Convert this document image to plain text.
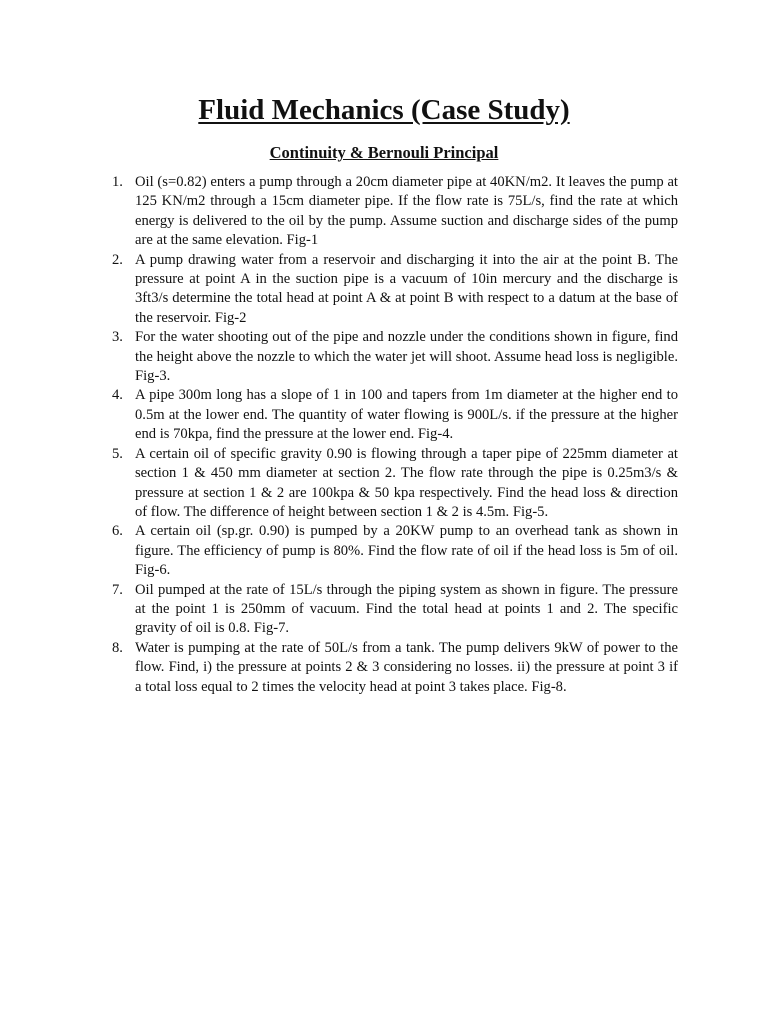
Fluid Mechanics (Case Study)
Continuity & Bernouli Principal
1. Oil (s=0.82) enters a pump through a 20cm diameter pipe at 40KN/m2. It leaves the pump at 125 KN/m2 through a 15cm diameter pipe. If the flow rate is 75L/s, find the rate at which energy is delivered to the oil by the pump. Assume suction and discharge sides of the pump are at the same elevation. Fig-1
2. A pump drawing water from a reservoir and discharging it into the air at the point B. The pressure at point A in the suction pipe is a vacuum of 10in mercury and the discharge is 3ft3/s determine the total head at point A & at point B with respect to a datum at the base of the reservoir. Fig-2
3. For the water shooting out of the pipe and nozzle under the conditions shown in figure, find the height above the nozzle to which the water jet will shoot. Assume head loss is negligible. Fig-3.
4. A pipe 300m long has a slope of 1 in 100 and tapers from 1m diameter at the higher end to 0.5m at the lower end. The quantity of water flowing is 900L/s. if the pressure at the higher end is 70kpa, find the pressure at the lower end. Fig-4.
5. A certain oil of specific gravity 0.90 is flowing through a taper pipe of 225mm diameter at section 1 & 450 mm diameter at section 2. The flow rate through the pipe is 0.25m3/s & pressure at section 1 & 2 are 100kpa & 50 kpa respectively. Find the head loss & direction of flow. The difference of height between section 1 & 2 is 4.5m. Fig-5.
6. A certain oil (sp.gr. 0.90) is pumped by a 20KW pump to an overhead tank as shown in figure. The efficiency of pump is 80%. Find the flow rate of oil if the head loss is 5m of oil. Fig-6.
7. Oil pumped at the rate of 15L/s through the piping system as shown in figure. The pressure at the point 1 is 250mm of vacuum. Find the total head at points 1 and 2. The specific gravity of oil is 0.8. Fig-7.
8. Water is pumping at the rate of 50L/s from a tank. The pump delivers 9kW of power to the flow. Find, i) the pressure at points 2 & 3 considering no losses. ii) the pressure at point 3 if a total loss equal to 2 times the velocity head at point 3 takes place. Fig-8.
